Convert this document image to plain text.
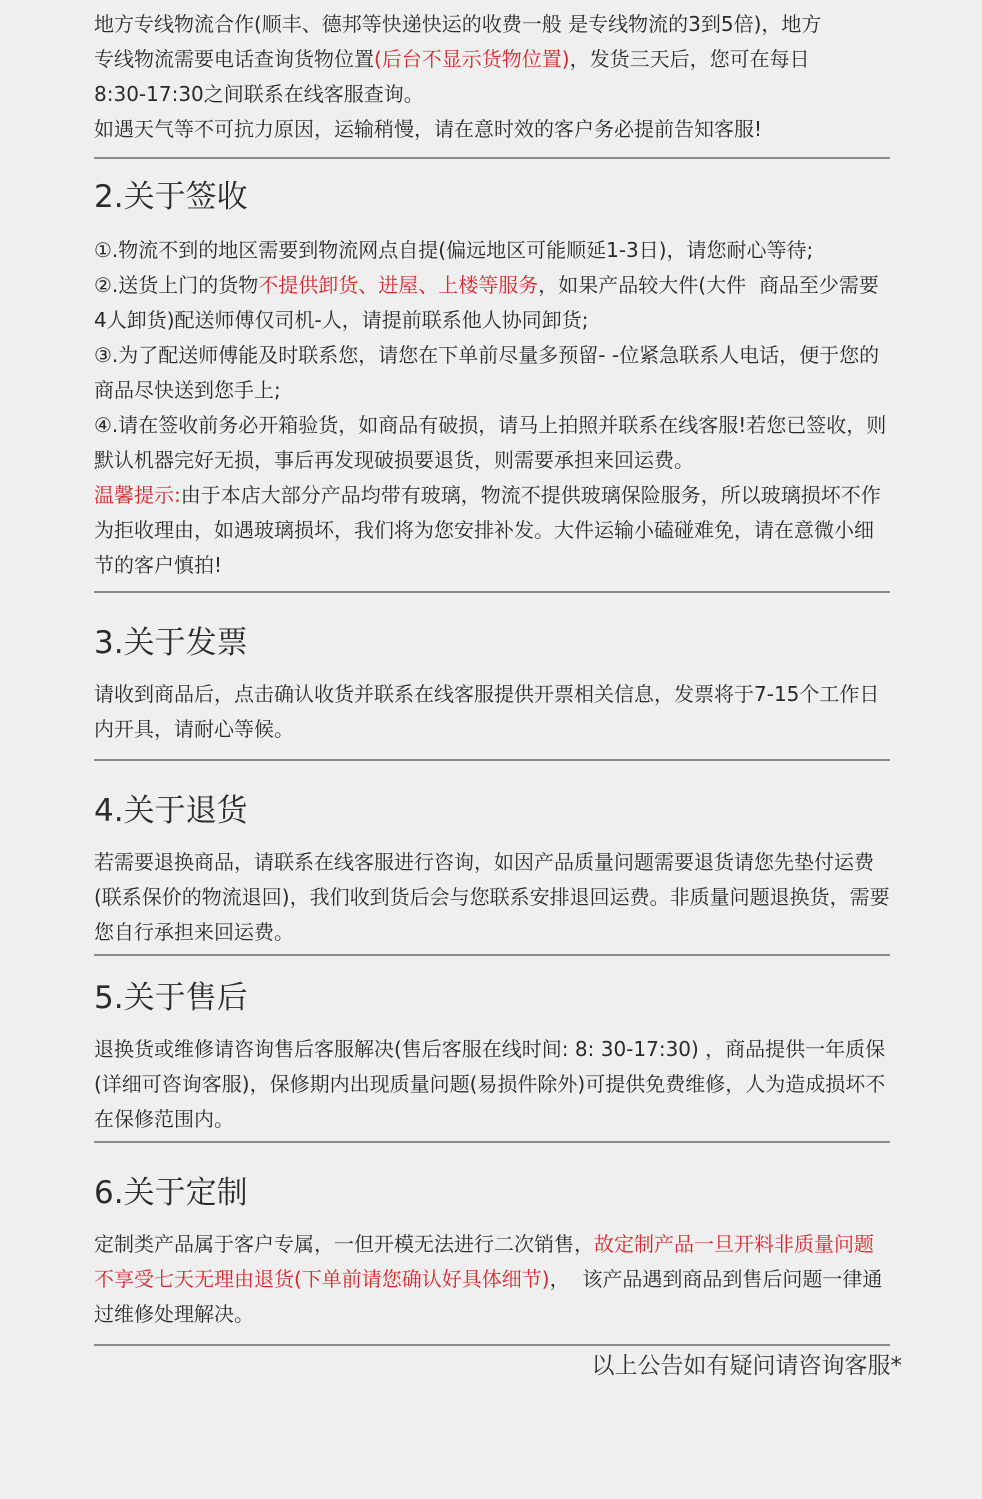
地方专线物流合作(顺丰、德邦等快递快运的收费一般 是专线物流的3到5倍)，地方

专线物流需要电话查询货物位置(后台不显示货物位置)，发货三天后，您可在每日

8:30-17:30之间联系在线客服查询。

如遇天气等不可抗力原因，运输稍慢，请在意时效的客户务必提前告知客服!

2.关于签收

①.物流不到的地区需要到物流网点自提(偏远地区可能顺延1-3日)，请您耐心等待;

②.送货上门的货物不提供卸货、进屋、上楼等服务，如果产品较大件(大件  商品至少需要4人卸货)配送师傅仅司机-人，请提前联系他人协同卸货;

③.为了配送师傅能及时联系您，请您在下单前尽量多预留- -位紧急联系人电话，便于您的商品尽快送到您手上;

④.请在签收前务必开箱验货，如商品有破损，请马上拍照并联系在线客服!若您已签收，则默认机器完好无损，事后再发现破损要退货，则需要承担来回运费。

温馨提示:由于本店大部分产品均带有玻璃，物流不提供玻璃保险服务，所以玻璃损坏不作为拒收理由，如遇玻璃损坏，我们将为您安排补发。大件运输小磕碰难免，请在意微小细节的客户慎拍!

3.关于发票

请收到商品后，点击确认收货并联系在线客服提供开票相关信息，发票将于7-15个工作日内开具，请耐心等候。

4.关于退货

若需要退换商品，请联系在线客服进行咨询，如因产品质量问题需要退货请您先垫付运费(联系保价的物流退回)，我们收到货后会与您联系安排退回运费。非质量问题退换货，需要您自行承担来回运费。

5.关于售后

退换货或维修请咨询售后客服解决(售后客服在线时间: 8: 30-17:30) ，商品提供一年质保(详细可咨询客服)，保修期内出现质量问题(易损件除外)可提供免费维修，人为造成损坏不在保修范围内。

6.关于定制

定制类产品属于客户专属，一但开模无法进行二次销售，故定制产品一旦开料非质量问题不享受七天无理由退货(下单前请您确认好具体细节)，  该产品遇到商品到售后问题一律通过维修处理解决。

以上公告如有疑问请咨询客服*
